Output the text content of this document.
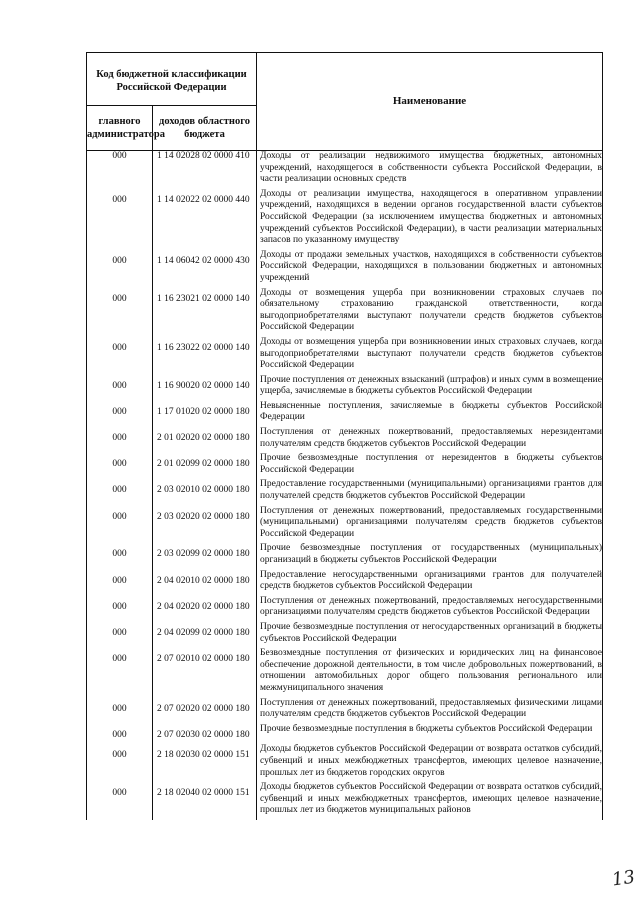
Код бюджетной классификации Российской Федерации		Наименование
главного администратора	доходов областного бюджета	
000	1 14 02028 02 0000 410	Доходы от реализации недвижимого имущества бюджетных, автономных учреждений, находящегося в собственности субъекта Российской Федерации, в части реализации основных средств
000	1 14 02022 02 0000 440	Доходы от реализации имущества, находящегося в оперативном управлении учреждений, находящихся в ведении органов государственной власти субъектов Российской Федерации (за исключением имущества бюджетных и автономных учреждений субъектов Российской Федерации), в части реализации материальных запасов по указанному имуществу
000	1 14 06042 02 0000 430	Доходы от продажи земельных участков, находящихся в собственности субъектов Российской Федерации, находящихся в пользовании бюджетных и автономных учреждений
000	1 16 23021 02 0000 140	Доходы от возмещения ущерба при возникновении страховых случаев по обязательному страхованию гражданской ответственности, когда выгодоприобретателями выступают получатели средств бюджетов субъектов Российской Федерации
000	1 16 23022 02 0000 140	Доходы от возмещения ущерба при возникновении иных страховых случаев, когда выгодоприобретателями выступают получатели средств бюджетов субъектов Российской Федерации
000	1 16 90020 02 0000 140	Прочие поступления от денежных взысканий (штрафов) и иных сумм в возмещение ущерба, зачисляемые в бюджеты субъектов Российской Федерации
000	1 17 01020 02 0000 180	Невыясненные поступления, зачисляемые в бюджеты субъектов Российской Федерации
000	2 01 02020 02 0000 180	Поступления от денежных пожертвований, предоставляемых нерезидентами получателям средств бюджетов субъектов Российской Федерации
000	2 01 02099 02 0000 180	Прочие безвозмездные поступления от нерезидентов в бюджеты субъектов Российской Федерации
000	2 03 02010 02 0000 180	Предоставление государственными (муниципальными) организациями грантов для получателей средств бюджетов субъектов Российской Федерации
000	2 03 02020 02 0000 180	Поступления от денежных пожертвований, предоставляемых государственными (муниципальными) организациями получателям средств бюджетов субъектов Российской Федерации
000	2 03 02099 02 0000 180	Прочие безвозмездные поступления от государственных (муниципальных) организаций в бюджеты субъектов Российской Федерации
000	2 04 02010 02 0000 180	Предоставление негосударственными организациями грантов для получателей средств бюджетов субъектов Российской Федерации
000	2 04 02020 02 0000 180	Поступления от денежных пожертвований, предоставляемых негосударственными организациями получателям средств бюджетов субъектов Российской Федерации
000	2 04 02099 02 0000 180	Прочие безвозмездные поступления от негосударственных организаций в бюджеты субъектов Российской Федерации
000	2 07 02010 02 0000 180	Безвозмездные поступления от физических и юридических лиц на финансовое обеспечение дорожной деятельности, в том числе добровольных пожертвований, в отношении автомобильных дорог общего пользования регионального или межмуниципального значения
000	2 07 02020 02 0000 180	Поступления от денежных пожертвований, предоставляемых физическими лицами получателям средств бюджетов субъектов Российской Федерации
000	2 07 02030 02 0000 180	Прочие безвозмездные поступления в бюджеты субъектов Российской Федерации
000	2 18 02030 02 0000 151	Доходы бюджетов субъектов Российской Федерации от возврата остатков субсидий, субвенций и иных межбюджетных трансфертов, имеющих целевое назначение, прошлых лет из бюджетов городских округов
000	2 18 02040 02 0000 151	Доходы бюджетов субъектов Российской Федерации от возврата остатков субсидий, субвенций и иных межбюджетных трансфертов, имеющих целевое назначение, прошлых лет из бюджетов муниципальных районов
13
